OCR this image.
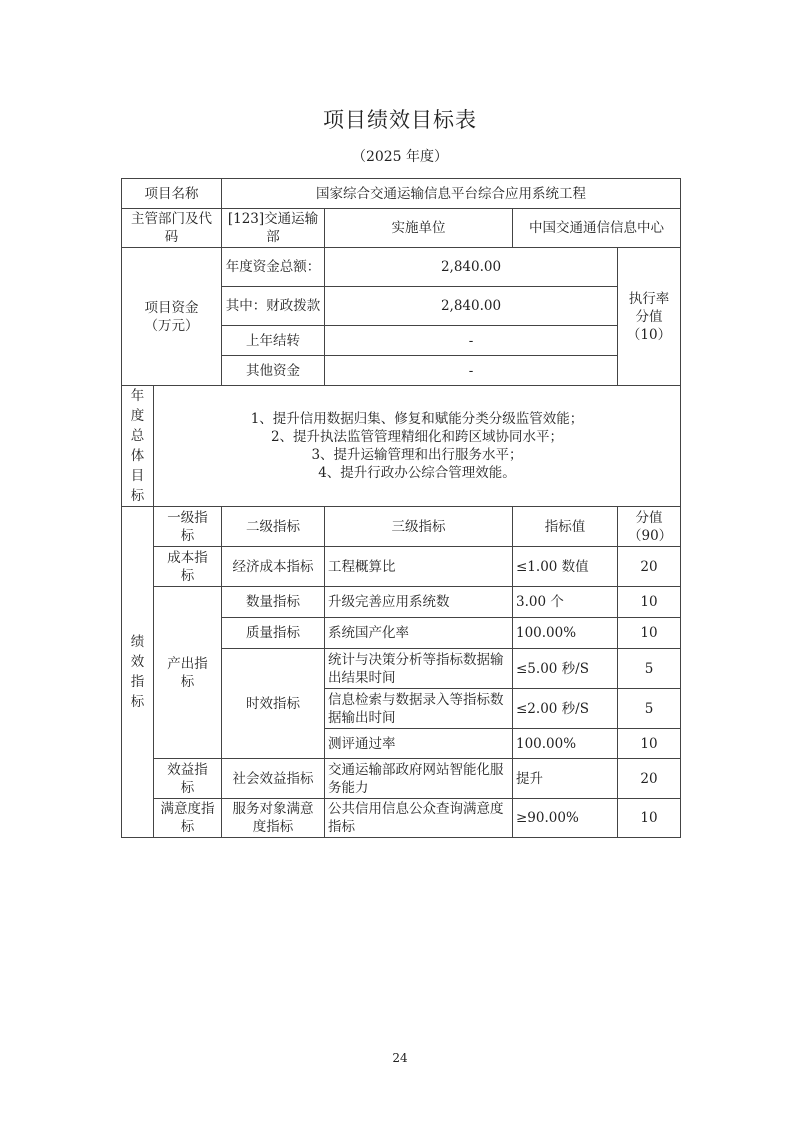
项目绩效目标表
（2025 年度）
项目名称		国家综合交通运输信息平台综合应用系统工程			
主管部门及代码		[123]交通运输部	实施单位	中国交通通信信息中心	

项目资金（万元）		年度资金总额：	2,840.00		执行率分值（10）

		其中：财政拨款	2,840.00		
		上年结转	-		
		其他资金	-		

年度总体目标	1、提升信用数据归集、修复和赋能分类分级监管效能；
2、提升执法监管管理精细化和跨区域协同水平；
3、提升运输管理和出行服务水平；
4、提升行政办公综合管理效能。				

绩效指标	一级指标	二级指标	三级指标	指标值	分值（90）

	成本指标	经济成本指标	工程概算比	≤1.00 数值	20

	产出指标	数量指标	升级完善应用系统数	3.00 个	10
		质量指标	系统国产化率	100.00%	10
		时效指标	统计与决策分析等指标数据输出结果时间	≤5.00 秒/S	5
			信息检索与数据录入等指标数据输出时间	≤2.00 秒/S	5
			测评通过率	100.00%	10

	效益指标	社会效益指标	交通运输部政府网站智能化服务能力	提升	20

	满意度指标	服务对象满意度指标	公共信用信息公众查询满意度指标	≥90.00%	10
24
